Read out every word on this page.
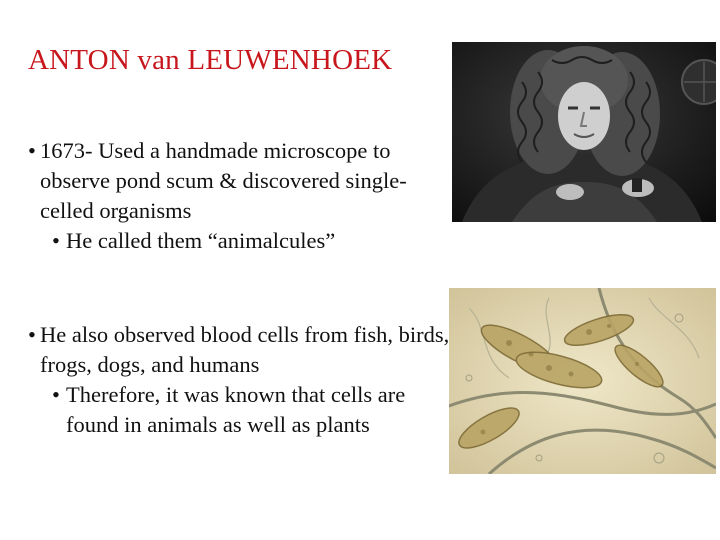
ANTON van LEUWENHOEK
• 1673- Used a handmade microscope to observe pond scum & discovered single-celled organisms
• He called them “animalcules”
• He also observed blood cells from fish, birds, frogs, dogs, and humans
• Therefore, it was known that cells are found in animals as well as plants
